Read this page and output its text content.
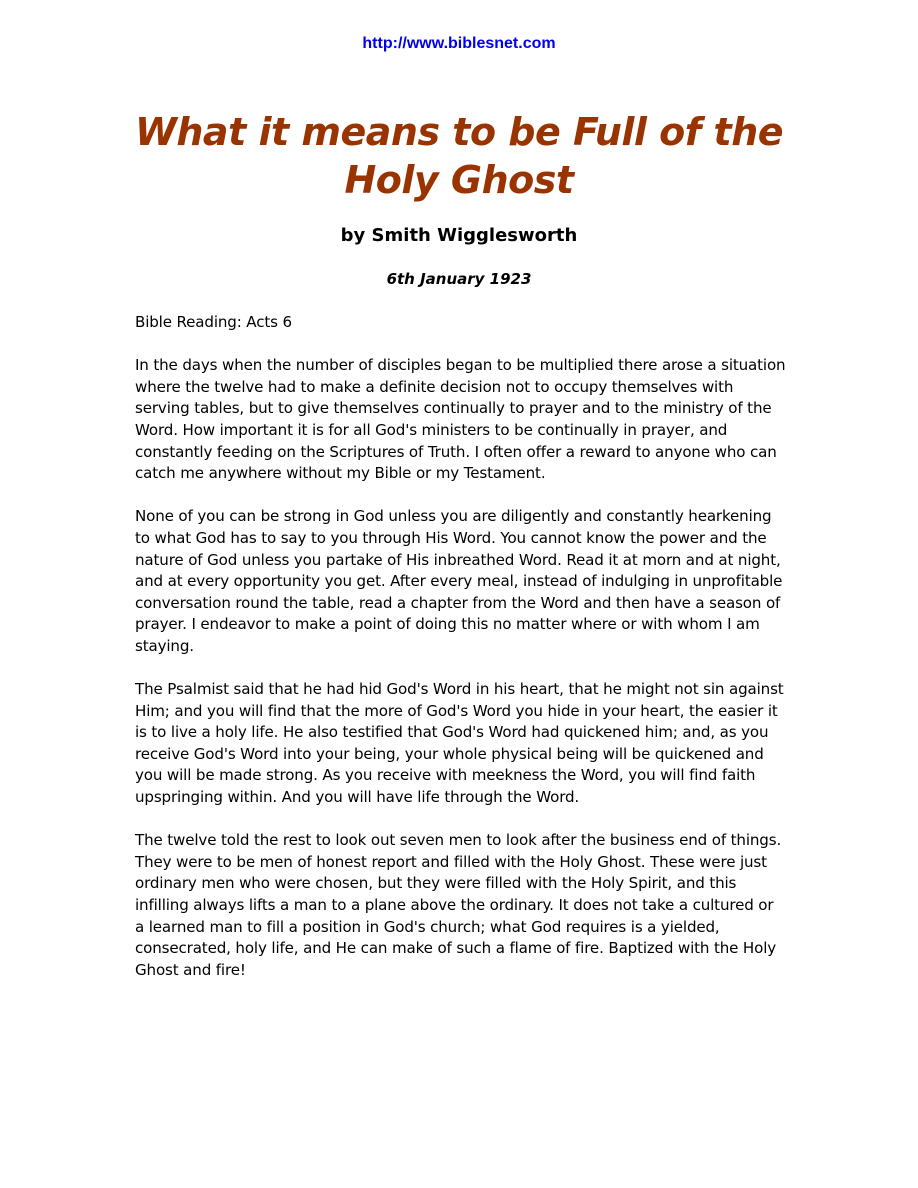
http://www.biblesnet.com
What it means to be Full of the Holy Ghost
by Smith Wigglesworth
6th January 1923

Bible Reading: Acts 6

In the days when the number of disciples began to be multiplied there arose a situation where the twelve had to make a definite decision not to occupy themselves with serving tables, but to give themselves continually to prayer and to the ministry of the Word. How important it is for all God's ministers to be continually in prayer, and constantly feeding on the Scriptures of Truth. I often offer a reward to anyone who can catch me anywhere without my Bible or my Testament.

None of you can be strong in God unless you are diligently and constantly hearkening to what God has to say to you through His Word. You cannot know the power and the nature of God unless you partake of His inbreathed Word. Read it at morn and at night, and at every opportunity you get. After every meal, instead of indulging in unprofitable conversation round the table, read a chapter from the Word and then have a season of prayer. I endeavor to make a point of doing this no matter where or with whom I am staying.

The Psalmist said that he had hid God's Word in his heart, that he might not sin against Him; and you will find that the more of God's Word you hide in your heart, the easier it is to live a holy life. He also testified that God's Word had quickened him; and, as you receive God's Word into your being, your whole physical being will be quickened and you will be made strong. As you receive with meekness the Word, you will find faith upspringing within. And you will have life through the Word.

The twelve told the rest to look out seven men to look after the business end of things. They were to be men of honest report and filled with the Holy Ghost. These were just ordinary men who were chosen, but they were filled with the Holy Spirit, and this infilling always lifts a man to a plane above the ordinary. It does not take a cultured or a learned man to fill a position in God's church; what God requires is a yielded, consecrated, holy life, and He can make of such a flame of fire. Baptized with the Holy Ghost and fire!
